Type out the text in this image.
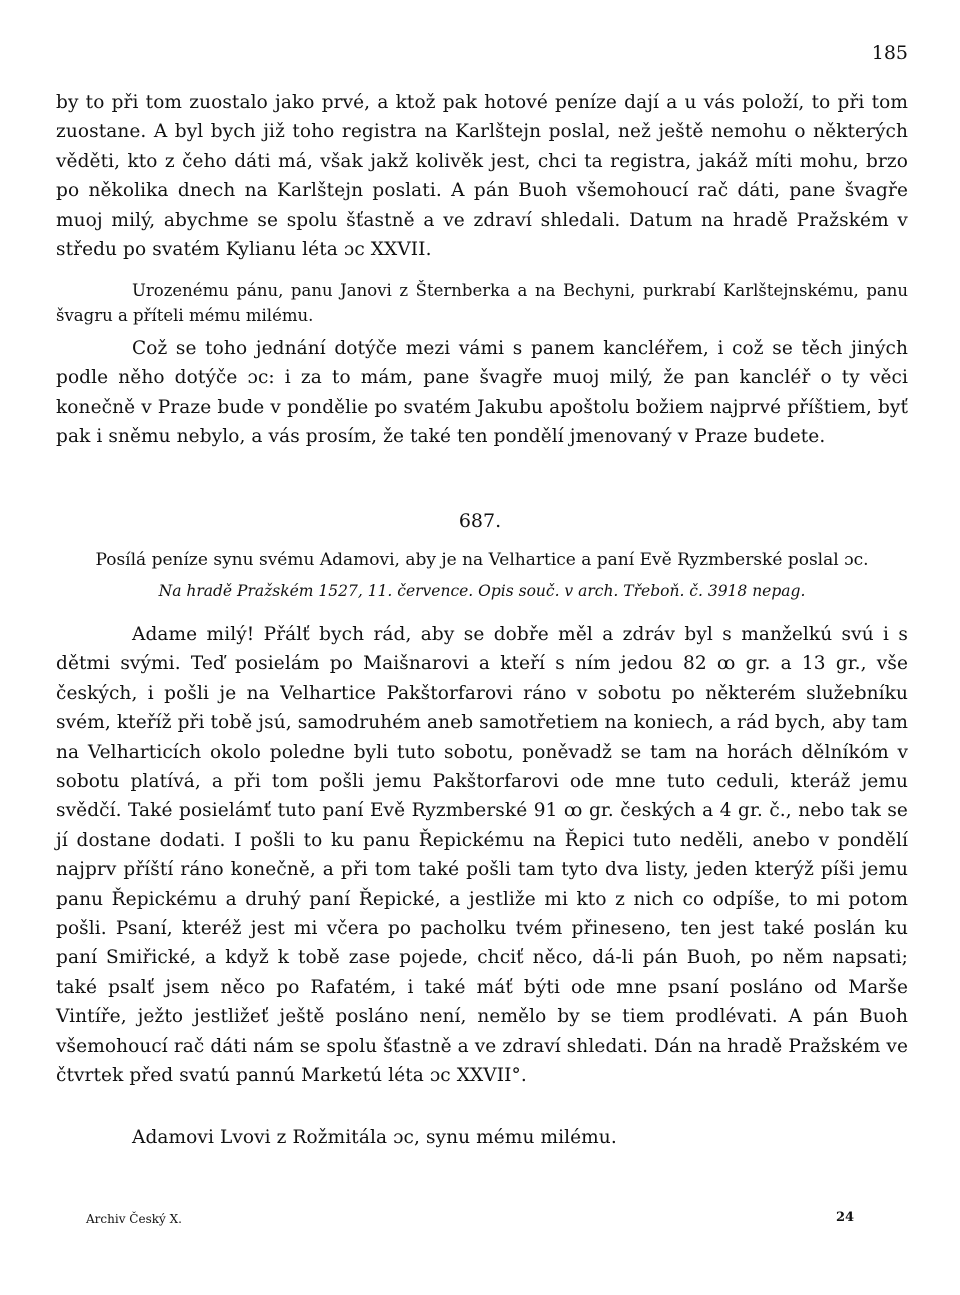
185

by to při tom zuostalo jako prvé, a ktož pak hotové peníze dají a u vás položí, to při tom zuostane. A byl bych již toho registra na Karlštejn poslal, než ještě nemohu o některých věděti, kto z čeho dáti má, však jakž kolivěk jest, chci ta registra, jakáž míti mohu, brzo po několika dnech na Karlštejn poslati. A pán Buoh všemohoucí rač dáti, pane švagře muoj milý, abychme se spolu šťastně a ve zdraví shledali. Datum na hradě Pražském v středu po svatém Kylianu léta ɔc XXVII.

Urozenému pánu, panu Janovi z Šternberka a na Bechyni, purkrabí Karlštejnskému, panu švagru a příteli mému milému.

Což se toho jednání dotýče mezi vámi s panem kancléřem, i což se těch jiných podle něho dotýče ɔc: i za to mám, pane švagře muoj milý, že pan kancléř o ty věci konečně v Praze bude v pondělie po svatém Jakubu apoštolu božiem najprvé příštiem, byť pak i sněmu nebylo, a vás prosím, že také ten pondělí jmenovaný v Praze budete.

687.

Posílá peníze synu svému Adamovi, aby je na Velhartice a paní Evě Ryzmberské poslal ɔc.

Na hradě Pražském 1527, 11. července. Opis souč. v arch. Třeboň. č. 3918 nepag.

Adame milý! Přálť bych rád, aby se dobře měl a zdráv byl s manželkú svú i s dětmi svými. Teď posielám po Maišnarovi a kteří s ním jedou 82 ꝏ gr. a 13 gr., vše českých, i pošli je na Velhartice Pakštorfarovi ráno v sobotu po některém služebníku svém, kteříž při tobě jsú, samodruhém aneb samotřetiem na koniech, a rád bych, aby tam na Velharticích okolo poledne byli tuto sobotu, poněvadž se tam na horách dělníkóm v sobotu platívá, a při tom pošli jemu Pakštorfarovi ode mne tuto ceduli, kteráž jemu svědčí. Také posielámť tuto paní Evě Ryzmberské 91 ꝏ gr. českých a 4 gr. č., nebo tak se jí dostane dodati. I pošli to ku panu Řepickému na Řepici tuto neděli, anebo v pondělí najprv příští ráno konečně, a při tom také pošli tam tyto dva listy, jeden kterýž píši jemu panu Řepickému a druhý paní Řepické, a jestliže mi kto z nich co odpíše, to mi potom pošli. Psaní, kteréž jest mi včera po pacholku tvém přineseno, ten jest také poslán ku paní Smiřické, a když k tobě zase pojede, chciť něco, dá-li pán Buoh, po něm napsati; také psalť jsem něco po Rafatém, i také máť býti ode mne psaní posláno od Marše Vintíře, ježto jestližeť ještě posláno není, nemělo by se tiem prodlévati. A pán Buoh všemohoucí rač dáti nám se spolu šťastně a ve zdraví shledati. Dán na hradě Pražském ve čtvrtek před svatú pannú Marketú léta ɔc XXVII°.

Adamovi Lvovi z Rožmitála ɔc, synu mému milému.

Archiv Český X.	24
